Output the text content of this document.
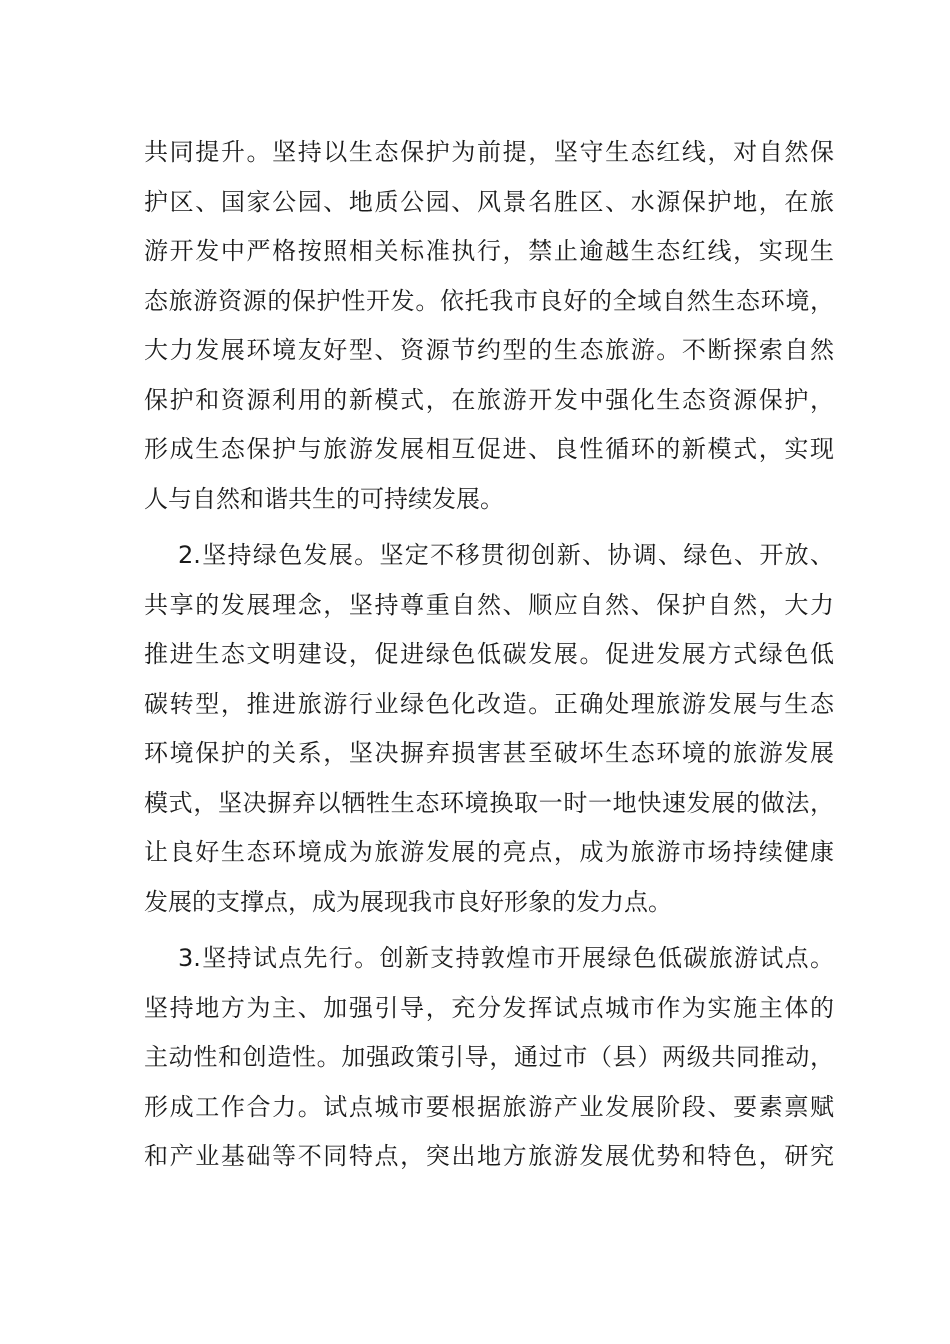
共同提升。坚持以生态保护为前提，坚守生态红线，对自然保
护区、国家公园、地质公园、风景名胜区、水源保护地，在旅
游开发中严格按照相关标准执行，禁止逾越生态红线，实现生
态旅游资源的保护性开发。依托我市良好的全域自然生态环境，
大力发展环境友好型、资源节约型的生态旅游。不断探索自然
保护和资源利用的新模式，在旅游开发中强化生态资源保护，
形成生态保护与旅游发展相互促进、良性循环的新模式，实现
人与自然和谐共生的可持续发展。
2.坚持绿色发展。坚定不移贯彻创新、协调、绿色、开放、
共享的发展理念，坚持尊重自然、顺应自然、保护自然，大力
推进生态文明建设，促进绿色低碳发展。促进发展方式绿色低
碳转型，推进旅游行业绿色化改造。正确处理旅游发展与生态
环境保护的关系，坚决摒弃损害甚至破坏生态环境的旅游发展
模式，坚决摒弃以牺牲生态环境换取一时一地快速发展的做法，
让良好生态环境成为旅游发展的亮点，成为旅游市场持续健康
发展的支撑点，成为展现我市良好形象的发力点。
3.坚持试点先行。创新支持敦煌市开展绿色低碳旅游试点。
坚持地方为主、加强引导，充分发挥试点城市作为实施主体的
主动性和创造性。加强政策引导，通过市（县）两级共同推动，
形成工作合力。试点城市要根据旅游产业发展阶段、要素禀赋
和产业基础等不同特点，突出地方旅游发展优势和特色，研究
